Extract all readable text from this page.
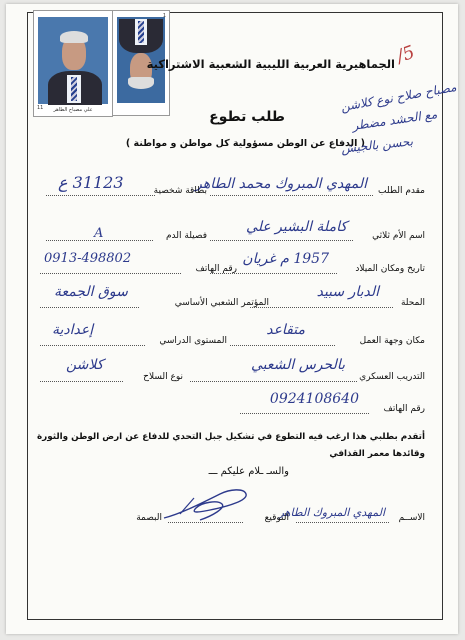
11	علي مصباح الطاهر
1
الجماهيرية العربية الليبية الشعبية الاشتراكية
طلب تطوع
( الدفاع عن الوطن مسؤولية كل مواطن و مواطنة )
5/
مصباح صلاح نوع كلاشن
مع الحشد مضطر
بحسن بالجيش
مقدم الطلب
المهدي المبروك محمد الطاهر
بطاقة شخصية
31123 ع
اسم الأم ثلاثي
كاملة البشير علي
فصيلة الدم
A
تاريخ ومكان الميلاد
1957 م غريان
رقم الهاتف
0913-498802
المحلة
الدبار سبيد
المؤتمر الشعبي الأساسي
سوق الجمعة
مكان وجهة العمل
متقاعد
المستوى الدراسي
إعدادية
التدريب العسكري
بالحرس الشعبي
نوع السلاح
كلاشن
رقم الهاتف
0924108640
أتقدم بطلبي هذا ارغب فيه التطوع في تشكيل جبل التحدي للدفاع عن ارض الوطن والثورة
وقائدها معمر القذافي
والسـ ـلام عليكم ـــ
الاســم
المهدي المبروك الطاهر
التوقيع
البصمة
